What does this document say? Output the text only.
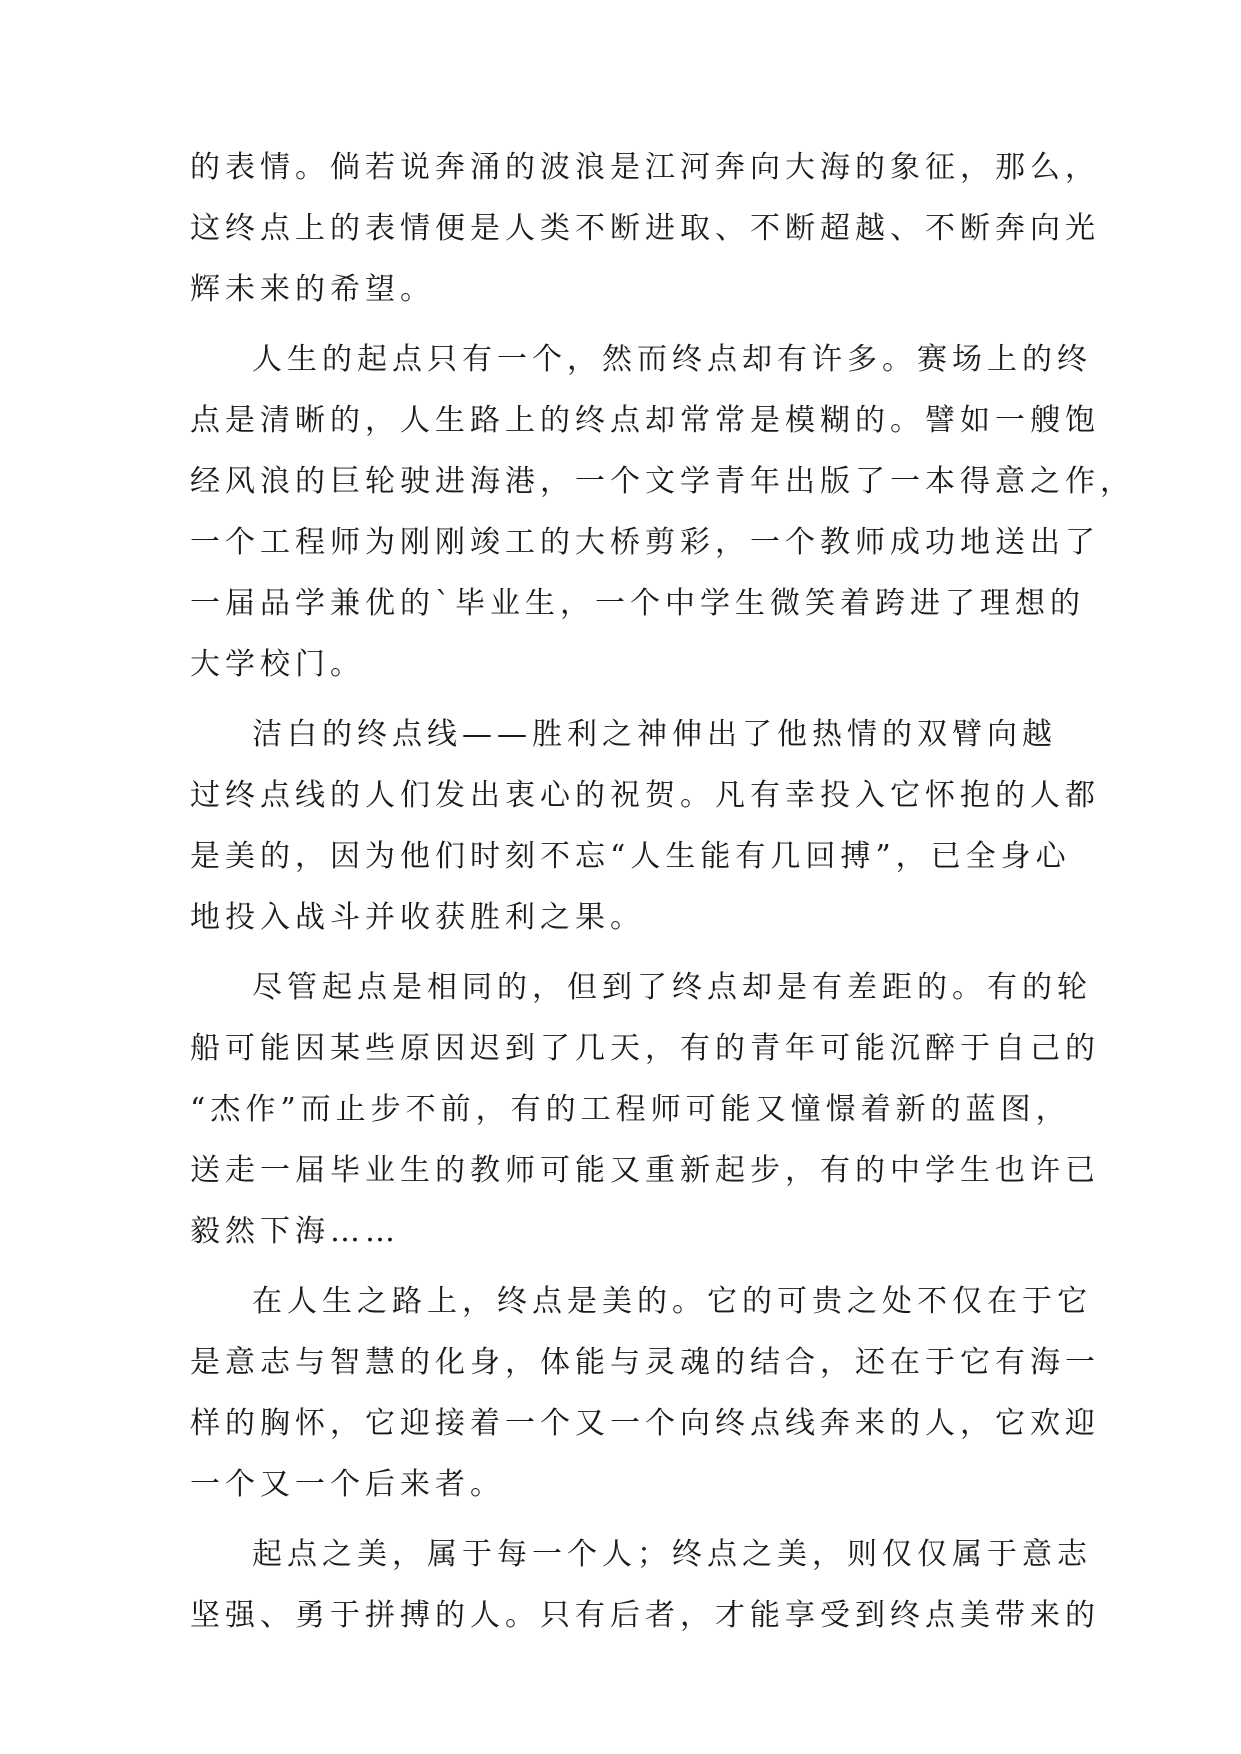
的表情。倘若说奔涌的波浪是江河奔向大海的象征，那么，
这终点上的表情便是人类不断进取、不断超越、不断奔向光
辉未来的希望。
人生的起点只有一个，然而终点却有许多。赛场上的终
点是清晰的，人生路上的终点却常常是模糊的。譬如一艘饱
经风浪的巨轮驶进海港，一个文学青年出版了一本得意之作，
一个工程师为刚刚竣工的大桥剪彩，一个教师成功地送出了
一届品学兼优的`毕业生，一个中学生微笑着跨进了理想的
大学校门。
洁白的终点线——胜利之神伸出了他热情的双臂向越
过终点线的人们发出衷心的祝贺。凡有幸投入它怀抱的人都
是美的，因为他们时刻不忘“人生能有几回搏”，已全身心
地投入战斗并收获胜利之果。
尽管起点是相同的，但到了终点却是有差距的。有的轮
船可能因某些原因迟到了几天，有的青年可能沉醉于自己的
“杰作”而止步不前，有的工程师可能又憧憬着新的蓝图，
送走一届毕业生的教师可能又重新起步，有的中学生也许已
毅然下海……
在人生之路上，终点是美的。它的可贵之处不仅在于它
是意志与智慧的化身，体能与灵魂的结合，还在于它有海一
样的胸怀，它迎接着一个又一个向终点线奔来的人，它欢迎
一个又一个后来者。
起点之美，属于每一个人；终点之美，则仅仅属于意志
坚强、勇于拼搏的人。只有后者，才能享受到终点美带来的
